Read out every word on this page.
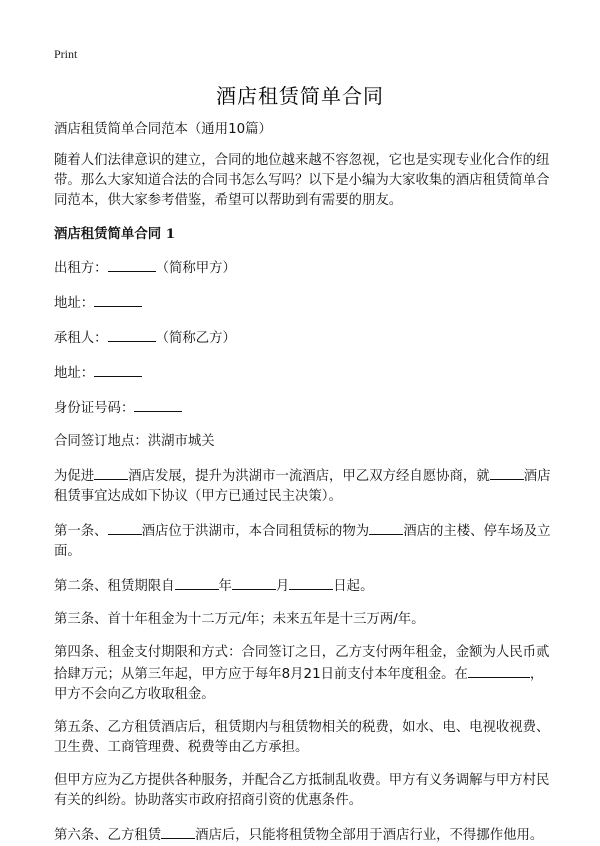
Print
酒店租赁简单合同

酒店租赁简单合同范本（通用10篇）

随着人们法律意识的建立，合同的地位越来越不容忽视，它也是实现专业化合作的纽带。那么大家知道合法的合同书怎么写吗？以下是小编为大家收集的酒店租赁简单合同范本，供大家参考借鉴，希望可以帮助到有需要的朋友。

酒店租赁简单合同 1

出租方：	（简称甲方）

地址：

承租人：	（简称乙方）

地址：

身份证号码：

合同签订地点：洪湖市城关

为促进	酒店发展，提升为洪湖市一流酒店，甲乙双方经自愿协商，就	酒店租赁事宜达成如下协议（甲方已通过民主决策）。

第一条、	酒店位于洪湖市，本合同租赁标的物为	酒店的主楼、停车场及立面。

第二条、租赁期限自	年	月	日起。

第三条、首十年租金为十二万元/年；未来五年是十三万两/年。

第四条、租金支付期限和方式：合同签订之日，乙方支付两年租金，金额为人民币贰拾肆万元；从第三年起，甲方应于每年8月21日前支付本年度租金。在	，甲方不会向乙方收取租金。

第五条、乙方租赁酒店后，租赁期内与租赁物相关的税费，如水、电、电视收视费、卫生费、工商管理费、税费等由乙方承担。

但甲方应为乙方提供各种服务，并配合乙方抵制乱收费。甲方有义务调解与甲方村民有关的纠纷。协助落实市政府招商引资的优惠条件。

第六条、乙方租赁	酒店后，只能将租赁物全部用于酒店行业，不得挪作他用。
